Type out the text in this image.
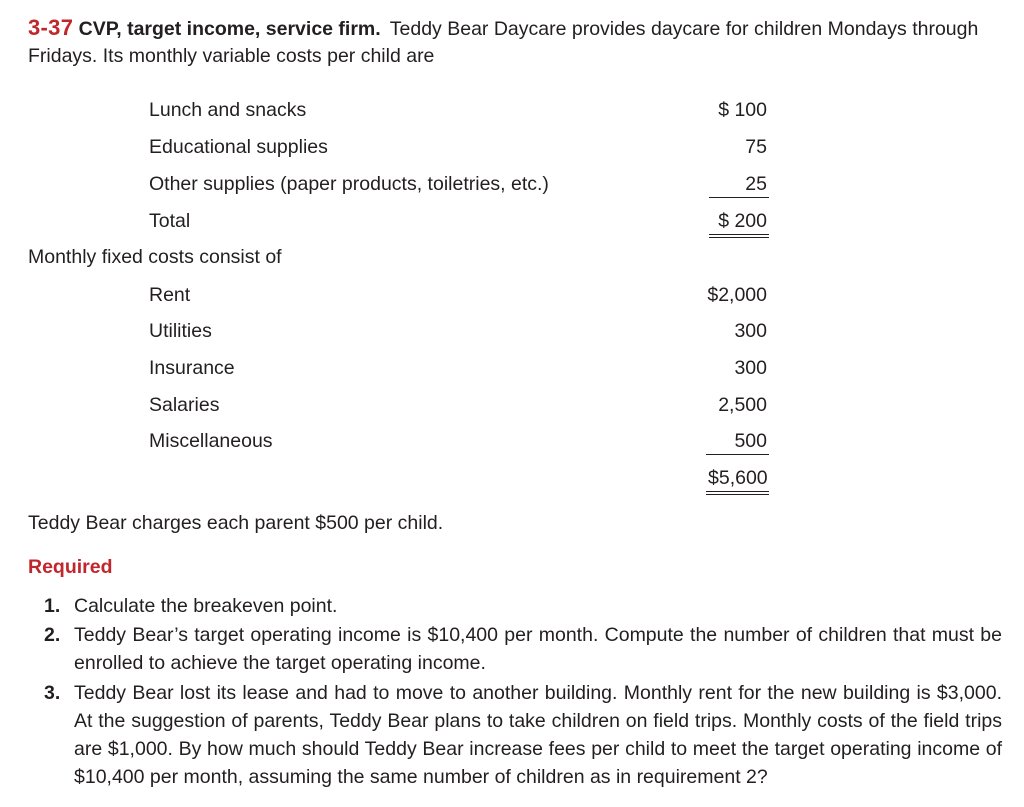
3-37 CVP, target income, service firm. Teddy Bear Daycare provides daycare for children Mondays through Fridays. Its monthly variable costs per child are
Lunch and snacks	$ 100
Educational supplies	75
Other supplies (paper products, toiletries, etc.)	25
Total	$ 200
Monthly fixed costs consist of
Rent	$2,000
Utilities	300
Insurance	300
Salaries	2,500
Miscellaneous	500
$5,600
Teddy Bear charges each parent $500 per child.
Required
1. Calculate the breakeven point.
2. Teddy Bear’s target operating income is $10,400 per month. Compute the number of children that must be enrolled to achieve the target operating income.
3. Teddy Bear lost its lease and had to move to another building. Monthly rent for the new building is $3,000. At the suggestion of parents, Teddy Bear plans to take children on field trips. Monthly costs of the field trips are $1,000. By how much should Teddy Bear increase fees per child to meet the target operating income of $10,400 per month, assuming the same number of children as in requirement 2?
